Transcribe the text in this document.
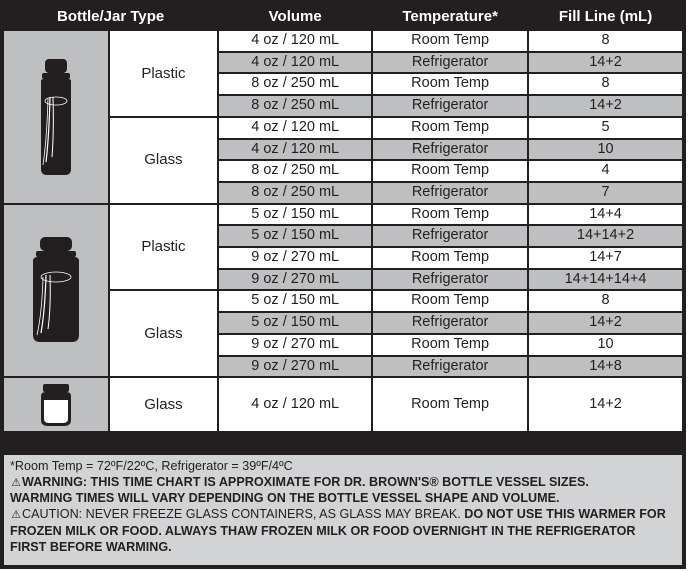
Bottle/Jar Type		Volume	Temperature*	Fill Line (mL)

	Plastic	4 oz / 120 mL	Room Temp	8
		4 oz / 120 mL	Refrigerator	14+2
		8 oz / 250 mL	Room Temp	8
		8 oz / 250 mL	Refrigerator	14+2
	Glass	4 oz / 120 mL	Room Temp	5
		4 oz / 120 mL	Refrigerator	10
		8 oz / 250 mL	Room Temp	4
		8 oz / 250 mL	Refrigerator	7

	Plastic	5 oz / 150 mL	Room Temp	14+4
		5 oz / 150 mL	Refrigerator	14+14+2
		9 oz / 270 mL	Room Temp	14+7
		9 oz / 270 mL	Refrigerator	14+14+14+4
	Glass	5 oz / 150 mL	Room Temp	8
		5 oz / 150 mL	Refrigerator	14+2
		9 oz / 270 mL	Room Temp	10
		9 oz / 270 mL	Refrigerator	14+8

	Glass	4 oz / 120 mL	Room Temp	14+2
*Room Temp = 72ºF/22ºC, Refrigerator = 39ºF/4ºC
⚠WARNING: THIS TIME CHART IS APPROXIMATE FOR DR. BROWN'S® BOTTLE VESSEL SIZES.
WARMING TIMES WILL VARY DEPENDING ON THE BOTTLE VESSEL SHAPE AND VOLUME.
⚠CAUTION: NEVER FREEZE GLASS CONTAINERS, AS GLASS MAY BREAK. DO NOT USE THIS WARMER FOR
FROZEN MILK OR FOOD. ALWAYS THAW FROZEN MILK OR FOOD OVERNIGHT IN THE REFRIGERATOR
FIRST BEFORE WARMING.
